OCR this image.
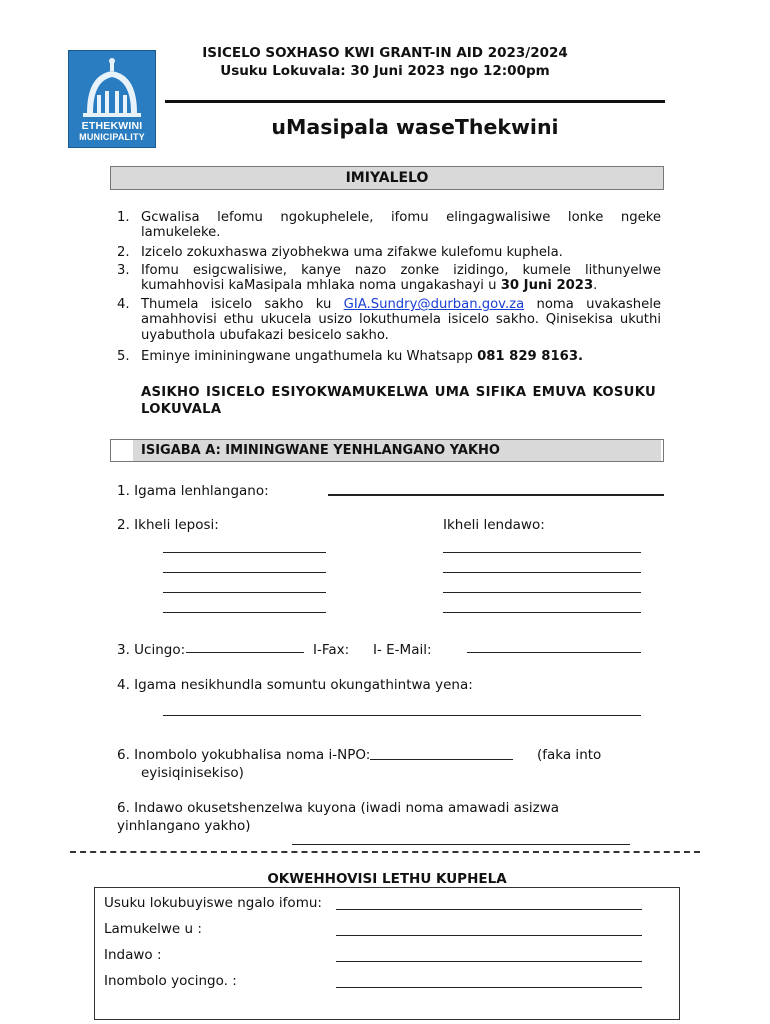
ETHEKWINI
MUNICIPALITY
ISICELO SOXHASO KWI GRANT-IN AID 2023/2024
Usuku Lokuvala: 30 Juni 2023 ngo 12:00pm
uMasipala waseThekwini
IMIYALELO
1. Gcwalisa lefomu ngokuphelele, ifomu elingagwalisiwe lonke ngeke lamukeleke.
2. Izicelo zokuxhaswa ziyobhekwa uma zifakwe kulefomu kuphela.
3. Ifomu esigcwalisiwe, kanye nazo zonke izidingo, kumele lithunyelwe kumahhovisi kaMasipala mhlaka noma ungakashayi u 30 Juni 2023.
4. Thumela isicelo sakho ku GIA.Sundry@durban.gov.za noma uvakashele amahhovisi ethu ukucela usizo lokuthumela isicelo sakho. Qinisekisa ukuthi uyabuthola ubufakazi besicelo sakho.
5. Eminye imininingwane ungathumela ku Whatsapp 081 829 8163.
ASIKHO ISICELO ESIYOKWAMUKELWA UMA SIFIKA EMUVA KOSUKU LOKUVALA
ISIGABA A: IMININGWANE YENHLANGANO YAKHO
1. Igama lenhlangano:
2. Ikheli leposi:	Ikheli lendawo:
3. Ucingo:	I-Fax: I- E-Mail:
4. Igama nesikhundla somuntu okungathintwa yena:
6. Inombolo yokubhalisa noma i-NPO:	(faka into
eyisiqinisekiso)
6. Indawo okusetshenzelwa kuyona (iwadi noma amawadi asizwa
yinhlangano yakho)
OKWEHHOVISI LETHU KUPHELA
Usuku lokubuyiswe ngalo ifomu:
Lamukelwe u :
Indawo :
Inombolo yocingo. :
